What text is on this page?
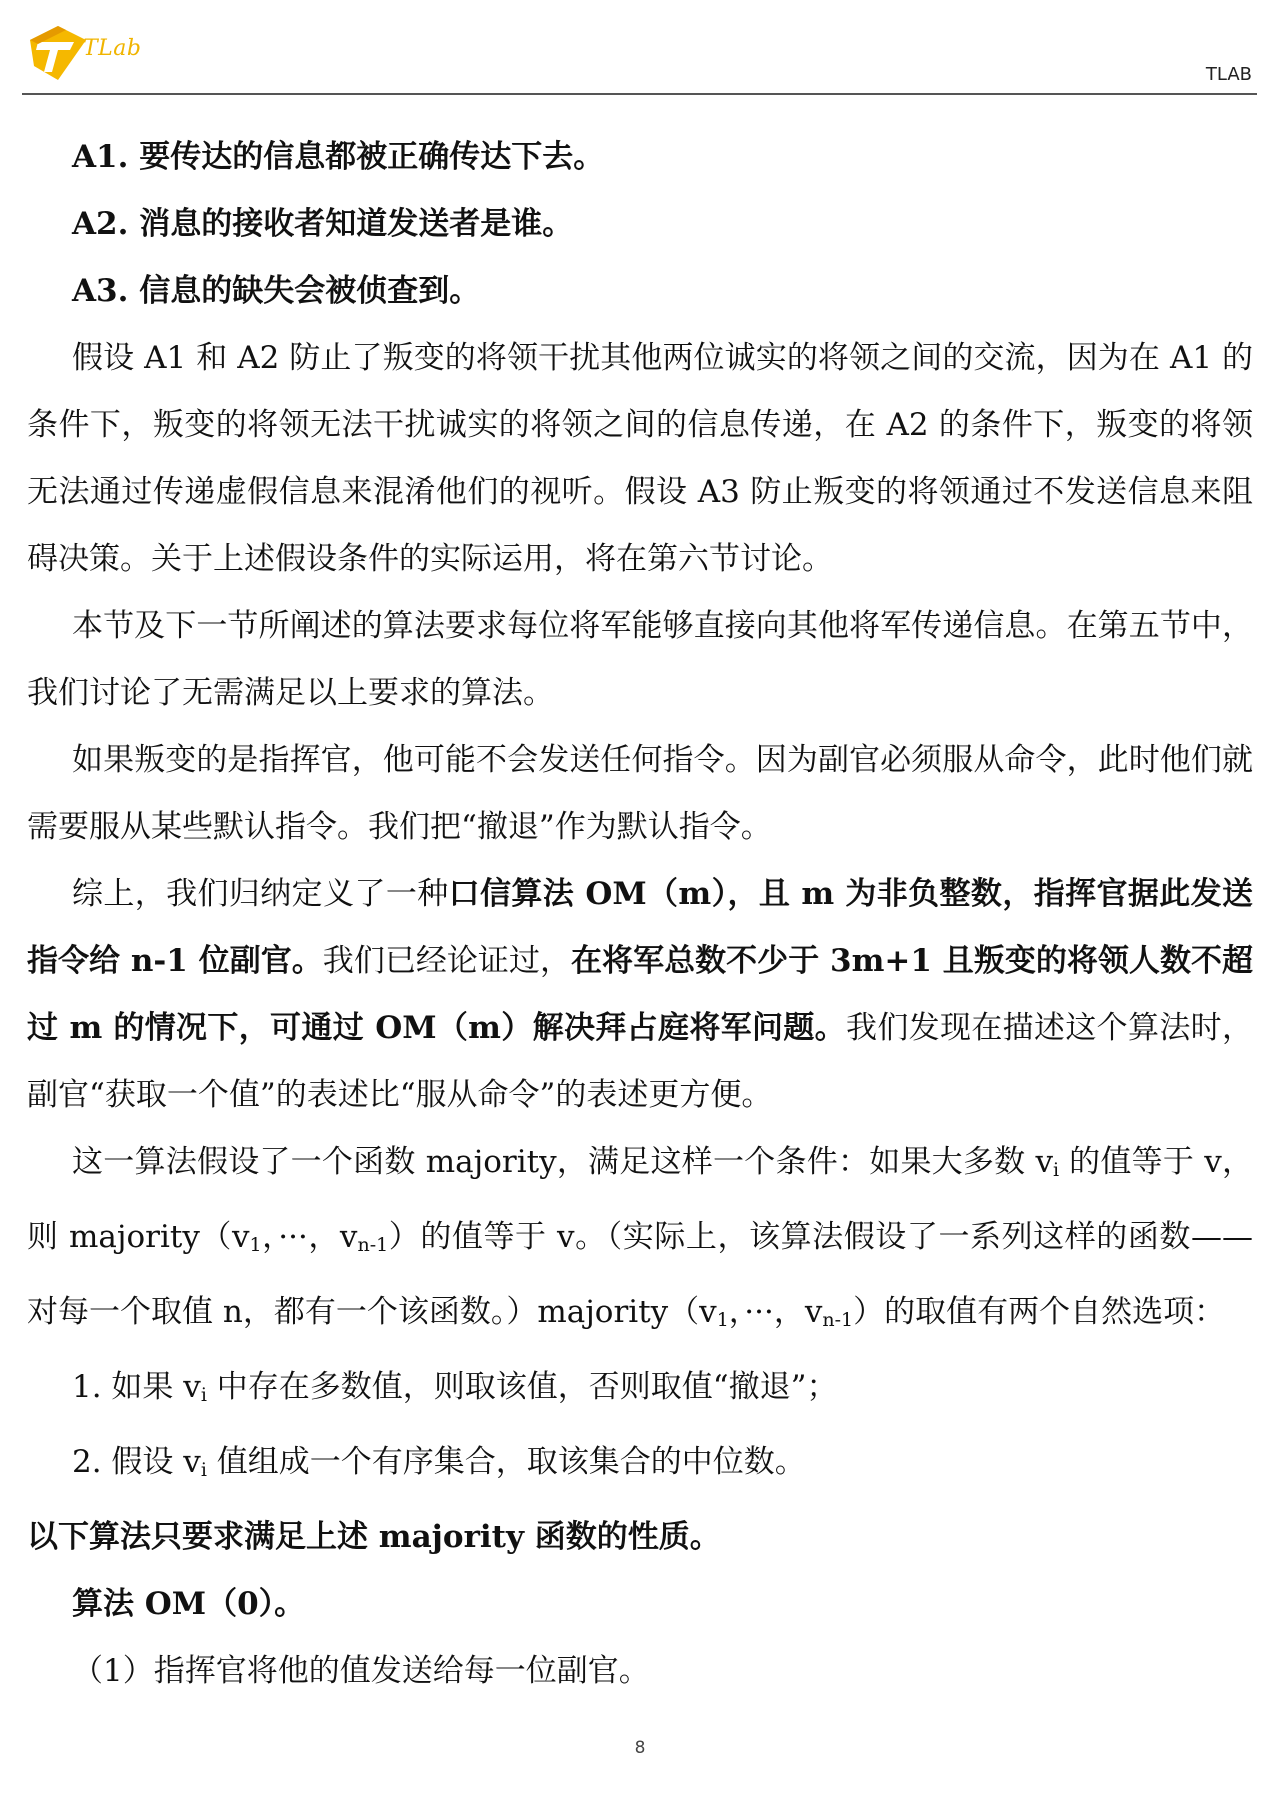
TLab
TLAB

A1. 要传达的信息都被正确传达下去。

A2. 消息的接收者知道发送者是谁。

A3. 信息的缺失会被侦查到。

假设 A1 和 A2 防止了叛变的将领干扰其他两位诚实的将领之间的交流，因为在 A1 的条件下，叛变的将领无法干扰诚实的将领之间的信息传递，在 A2 的条件下，叛变的将领无法通过传递虚假信息来混淆他们的视听。假设 A3 防止叛变的将领通过不发送信息来阻碍决策。关于上述假设条件的实际运用，将在第六节讨论。

本节及下一节所阐述的算法要求每位将军能够直接向其他将军传递信息。在第五节中，我们讨论了无需满足以上要求的算法。

如果叛变的是指挥官，他可能不会发送任何指令。因为副官必须服从命令，此时他们就需要服从某些默认指令。我们把“撤退”作为默认指令。

综上，我们归纳定义了一种口信算法 OM（m），且 m 为非负整数，指挥官据此发送指令给 n-1 位副官。我们已经论证过，在将军总数不少于 3m+1 且叛变的将领人数不超过 m 的情况下，可通过 OM（m）解决拜占庭将军问题。我们发现在描述这个算法时，副官“获取一个值”的表述比“服从命令”的表述更方便。

这一算法假设了一个函数 majority，满足这样一个条件：如果大多数 vi 的值等于 v，则 majority（v1，···，vn-1）的值等于 v。（实际上，该算法假设了一系列这样的函数——对每一个取值 n，都有一个该函数。）majority（v1，···，vn-1）的取值有两个自然选项：

1. 如果 vi 中存在多数值，则取该值，否则取值“撤退”；

2. 假设 vi 值组成一个有序集合，取该集合的中位数。

以下算法只要求满足上述 majority 函数的性质。

算法 OM（0）。

（1）指挥官将他的值发送给每一位副官。

8
